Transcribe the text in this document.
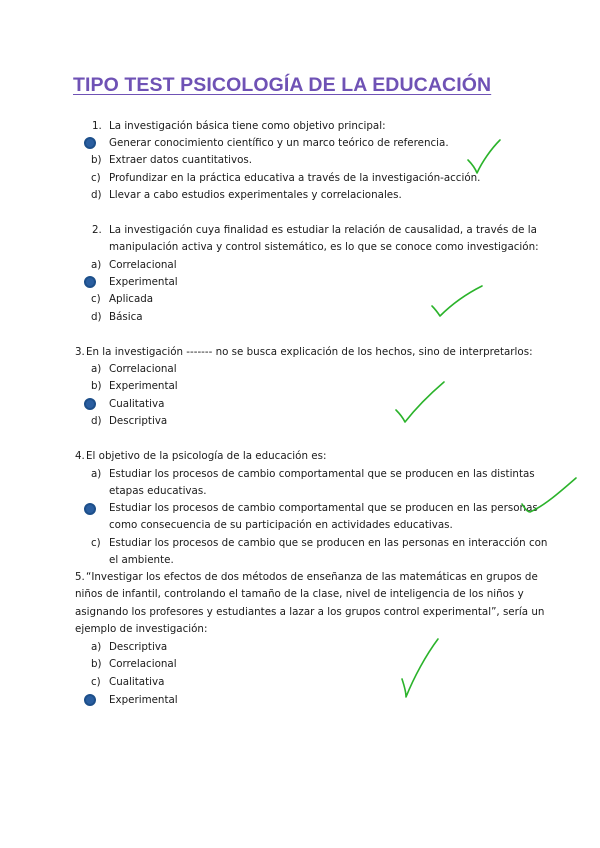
TIPO TEST PSICOLOGÍA DE LA EDUCACIÓN
1. La investigación básica tiene como objetivo principal:
Generar conocimiento científico y un marco teórico de referencia.
b) Extraer datos cuantitativos.
c) Profundizar en la práctica educativa a través de la investigación-acción.
d) Llevar a cabo estudios experimentales y correlacionales.
2. La investigación cuya finalidad es estudiar la relación de causalidad, a través de la
manipulación activa y control sistemático, es lo que se conoce como investigación:
a) Correlacional
Experimental
c) Aplicada
d) Básica
3. En la investigación ------- no se busca explicación de los hechos, sino de interpretarlos:
a) Correlacional
b) Experimental
Cualitativa
d) Descriptiva
4. El objetivo de la psicología de la educación es:
a) Estudiar los procesos de cambio comportamental que se producen en las distintas
etapas educativas.
Estudiar los procesos de cambio comportamental que se producen en las personas
como consecuencia de su participación en actividades educativas.
c) Estudiar los procesos de cambio que se producen en las personas en interacción con
el ambiente.
5. “Investigar los efectos de dos métodos de enseñanza de las matemáticas en grupos de
niños de infantil, controlando el tamaño de la clase, nivel de inteligencia de los niños y
asignando los profesores y estudiantes a lazar a los grupos control experimental”, sería un
ejemplo de investigación:
a) Descriptiva
b) Correlacional
c) Cualitativa
Experimental
